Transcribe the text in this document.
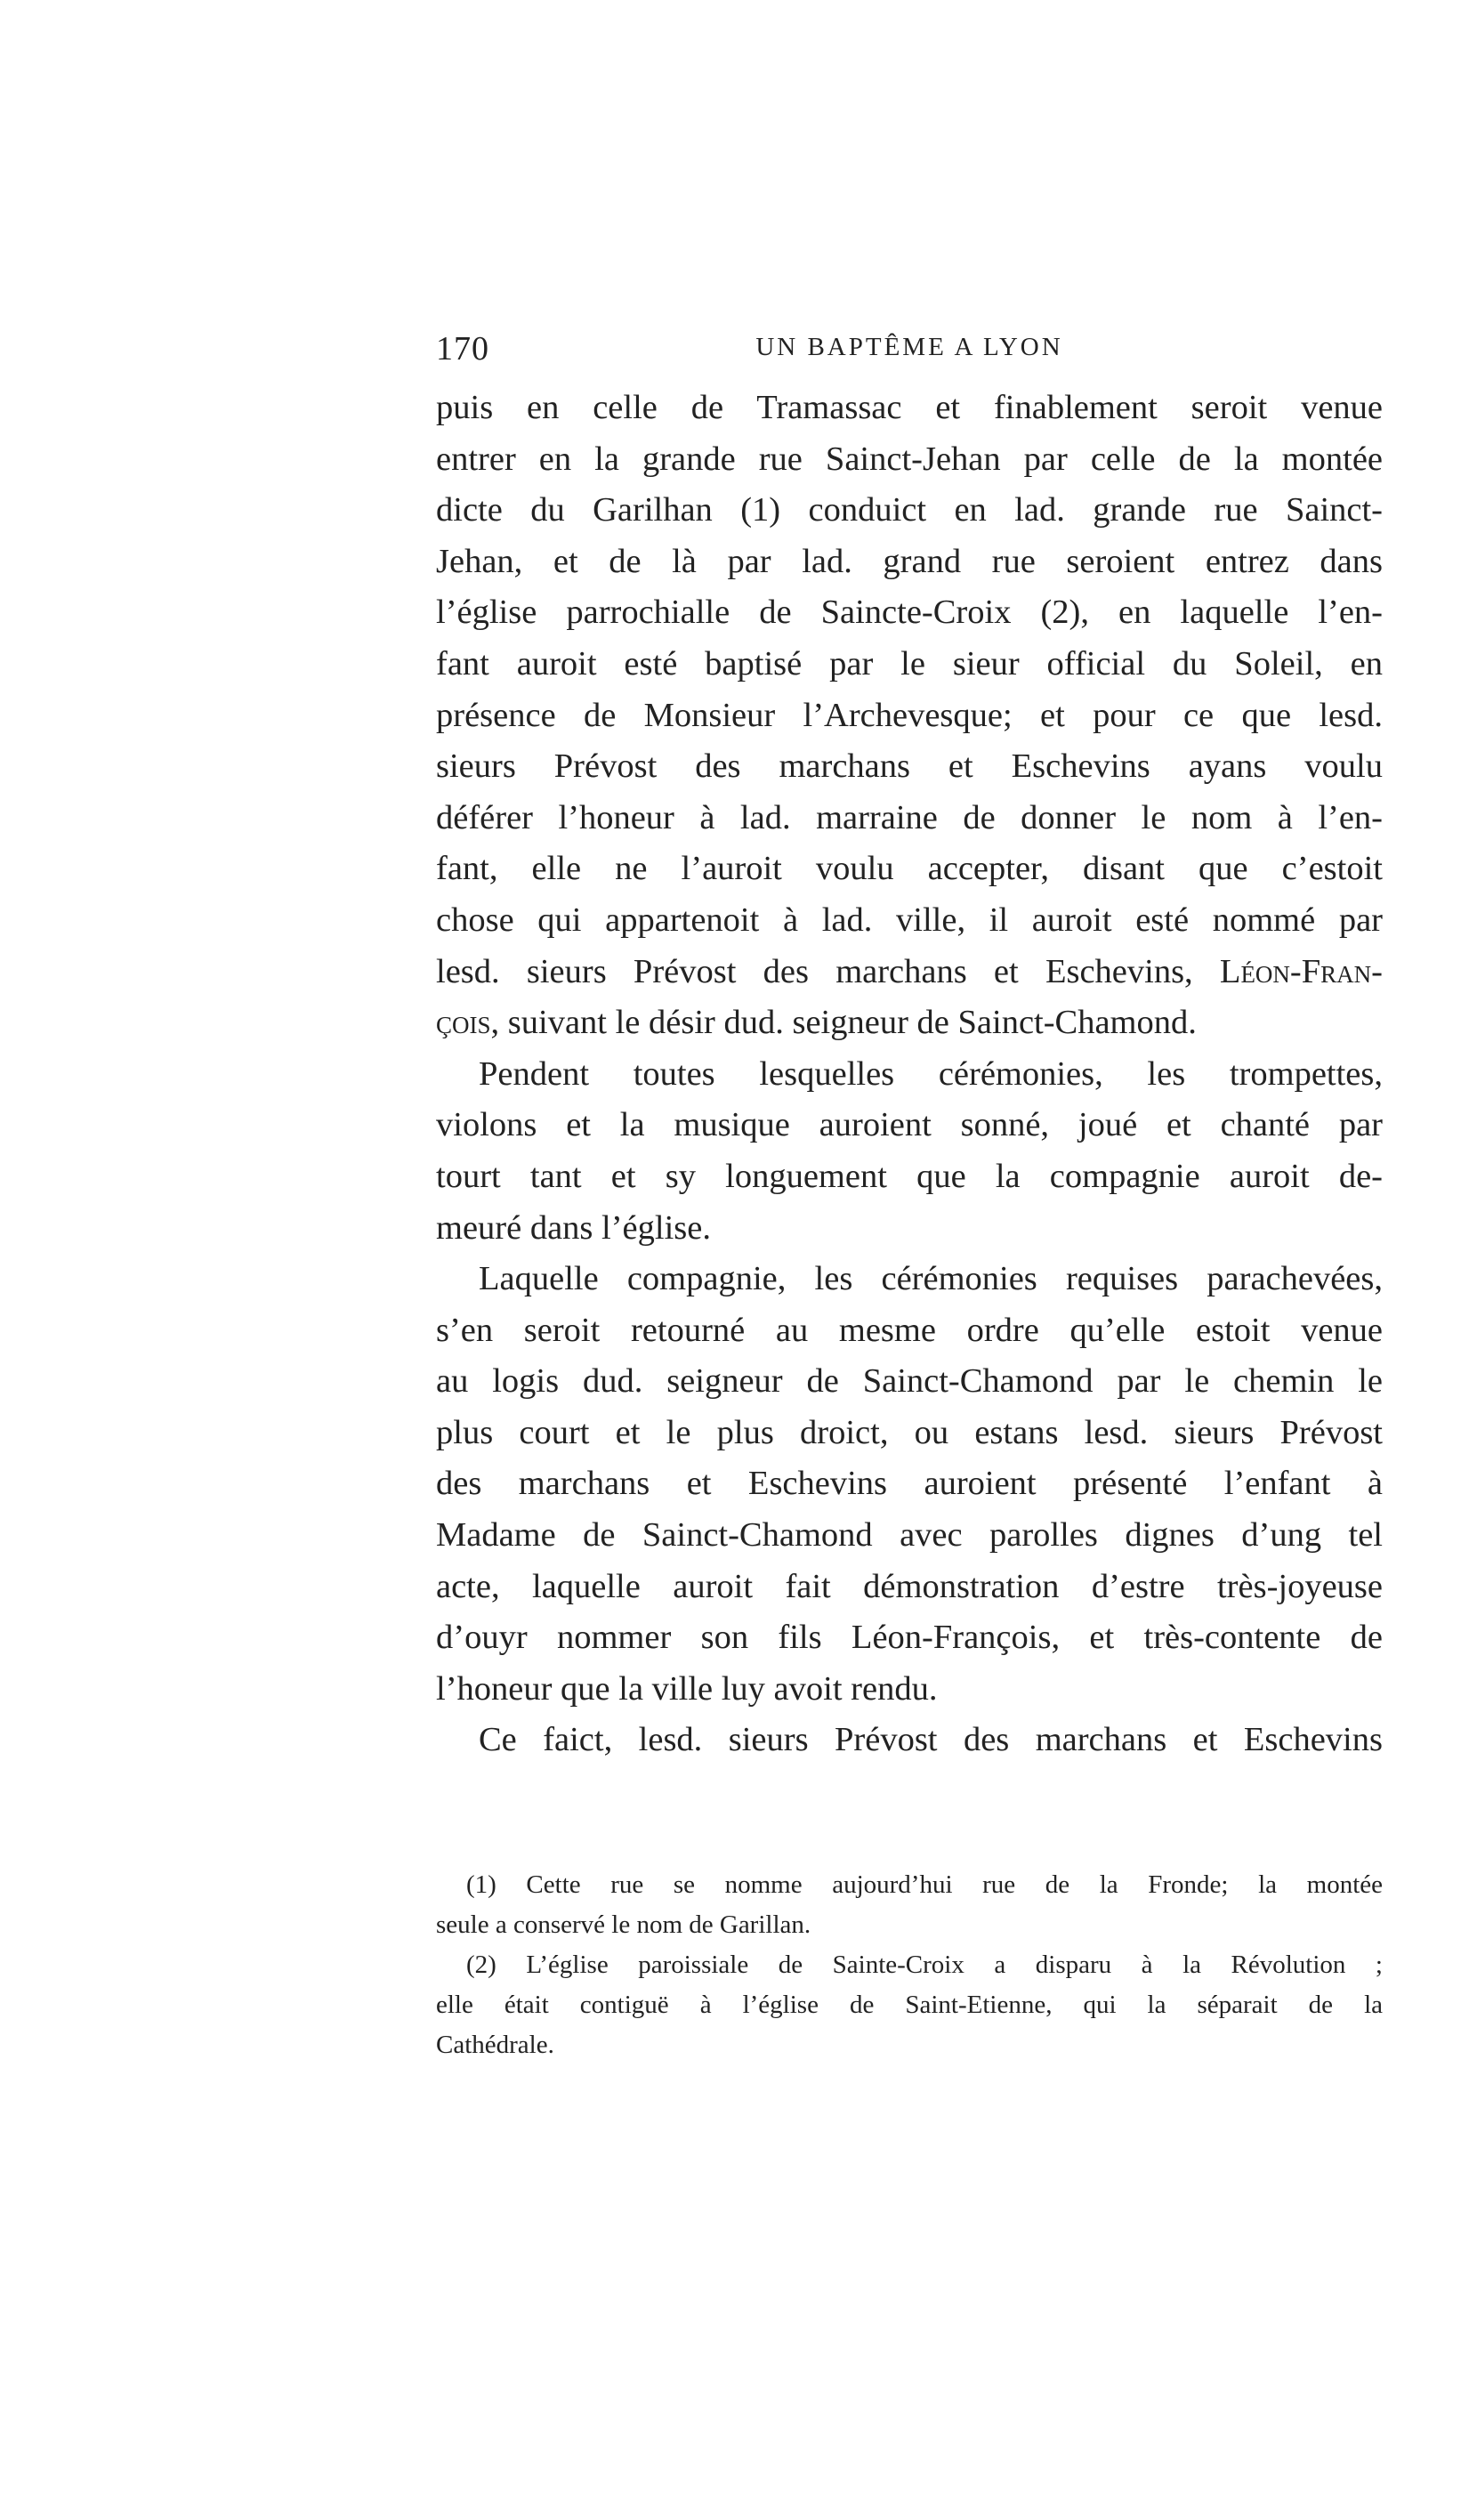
170	UN BAPTÊME A LYON
puis en celle de Tramassac et finablement seroit venue
entrer en la grande rue Sainct-Jehan par celle de la montée
dicte du Garilhan (1) conduict en lad. grande rue Sainct-
Jehan, et de là par lad. grand rue seroient entrez dans
l’église parrochialle de Saincte-Croix (2), en laquelle l’en-
fant auroit esté baptisé par le sieur official du Soleil, en
présence de Monsieur l’Archevesque; et pour ce que lesd.
sieurs Prévost des marchans et Eschevins ayans voulu
déférer l’honeur à lad. marraine de donner le nom à l’en-
fant, elle ne l’auroit voulu accepter, disant que c’estoit
chose qui appartenoit à lad. ville, il auroit esté nommé par
lesd. sieurs Prévost des marchans et Eschevins, Léon-Fran-
çois, suivant le désir dud. seigneur de Sainct-Chamond.
Pendent toutes lesquelles cérémonies, les trompettes,
violons et la musique auroient sonné, joué et chanté par
tourt tant et sy longuement que la compagnie auroit de-
meuré dans l’église.
Laquelle compagnie, les cérémonies requises parachevées,
s’en seroit retourné au mesme ordre qu’elle estoit venue
au logis dud. seigneur de Sainct-Chamond par le chemin le
plus court et le plus droict, ou estans lesd. sieurs Prévost
des marchans et Eschevins auroient présenté l’enfant à
Madame de Sainct-Chamond avec parolles dignes d’ung tel
acte, laquelle auroit fait démonstration d’estre très-joyeuse
d’ouyr nommer son fils Léon-François, et très-contente de
l’honeur que la ville luy avoit rendu.
Ce faict, lesd. sieurs Prévost des marchans et Eschevins
(1) Cette rue se nomme aujourd’hui rue de la Fronde; la montée
seule a conservé le nom de Garillan.
(2) L’église paroissiale de Sainte-Croix a disparu à la Révolution ;
elle était contiguë à l’église de Saint-Etienne, qui la séparait de la
Cathédrale.
